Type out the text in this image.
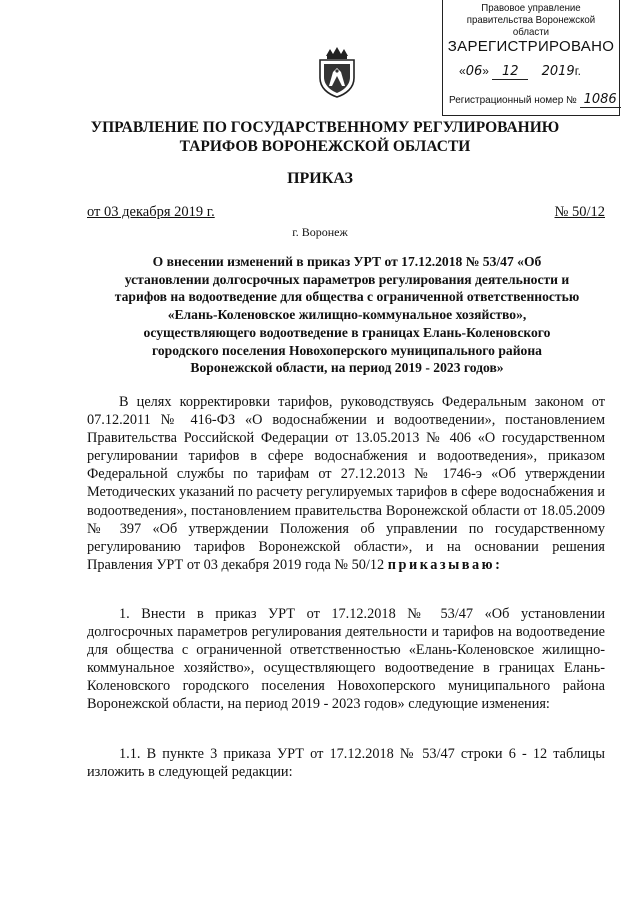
Правовое управление правительства Воронежской области
ЗАРЕГИСТРИРОВАНО
«06» 12 2019г.
Регистрационный номер № 1086
УПРАВЛЕНИЕ ПО ГОСУДАРСТВЕННОМУ РЕГУЛИРОВАНИЮ
ТАРИФОВ ВОРОНЕЖСКОЙ ОБЛАСТИ
ПРИКАЗ
от 03 декабря 2019 г.	№ 50/12
г. Воронеж
О внесении изменений в приказ УРТ от 17.12.2018 № 53/47 «Об установлении долгосрочных параметров регулирования деятельности и тарифов на водоотведение для общества с ограниченной ответственностью «Елань-Коленовское жилищно-коммунальное хозяйство», осуществляющего водоотведение в границах Елань-Коленовского городского поселения Новохоперского муниципального района Воронежской области, на период 2019 - 2023 годов»
В целях корректировки тарифов, руководствуясь Федеральным законом от 07.12.2011 № 416-ФЗ «О водоснабжении и водоотведении», постановлением Правительства Российской Федерации от 13.05.2013 № 406 «О государственном регулировании тарифов в сфере водоснабжения и водоотведения», приказом Федеральной службы по тарифам от 27.12.2013 № 1746-э «Об утверждении Методических указаний по расчету регулируемых тарифов в сфере водоснабжения и водоотведения», постановлением правительства Воронежской области от 18.05.2009 № 397 «Об утверждении Положения об управлении по государственному регулированию тарифов Воронежской области», и на основании решения Правления УРТ от 03 декабря 2019 года № 50/12 приказываю:
1. Внести в приказ УРТ от 17.12.2018 № 53/47 «Об установлении долгосрочных параметров регулирования деятельности и тарифов на водоотведение для общества с ограниченной ответственностью «Елань-Коленовское жилищно-коммунальное хозяйство», осуществляющего водоотведение в границах Елань-Коленовского городского поселения Новохоперского муниципального района Воронежской области, на период 2019 - 2023 годов» следующие изменения:
1.1. В пункте 3 приказа УРТ от 17.12.2018 № 53/47 строки 6 - 12 таблицы изложить в следующей редакции:
